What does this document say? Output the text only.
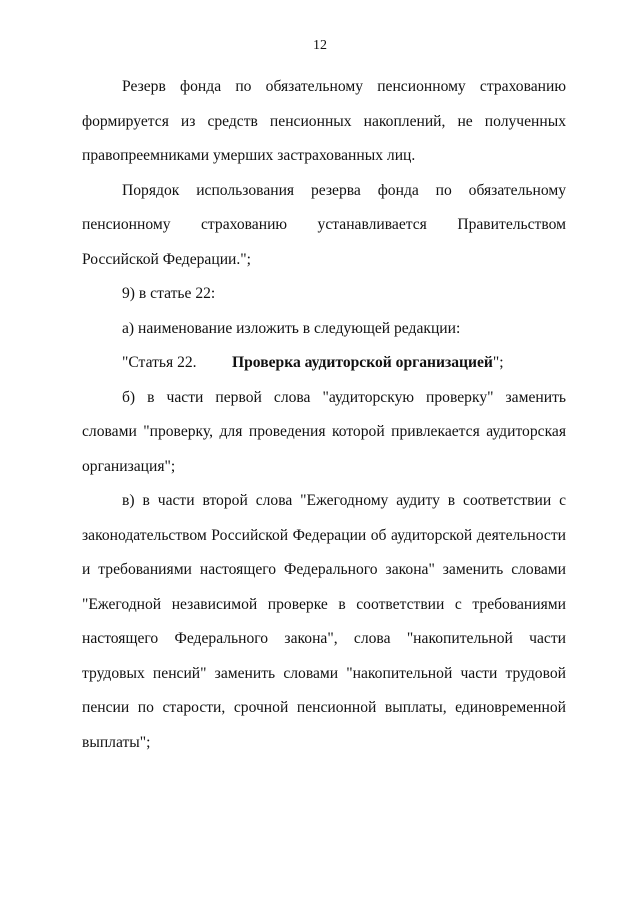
12

Резерв фонда по обязательному пенсионному страхованию формируется из средств пенсионных накоплений, не полученных правопреемниками умерших застрахованных лиц.

Порядок использования резерва фонда по обязательному пенсионному страхованию устанавливается Правительством Российской Федерации.";

9) в статье 22:

а) наименование изложить в следующей редакции:

"Статья 22. Проверка аудиторской организацией";

б) в части первой слова "аудиторскую проверку" заменить словами "проверку, для проведения которой привлекается аудиторская организация";

в) в части второй слова "Ежегодному аудиту в соответствии с законодательством Российской Федерации об аудиторской деятельности и требованиями настоящего Федерального закона" заменить словами "Ежегодной независимой проверке в соответствии с требованиями настоящего Федерального закона", слова "накопительной части трудовых пенсий" заменить словами "накопительной части трудовой пенсии по старости, срочной пенсионной выплаты, единовременной выплаты";
